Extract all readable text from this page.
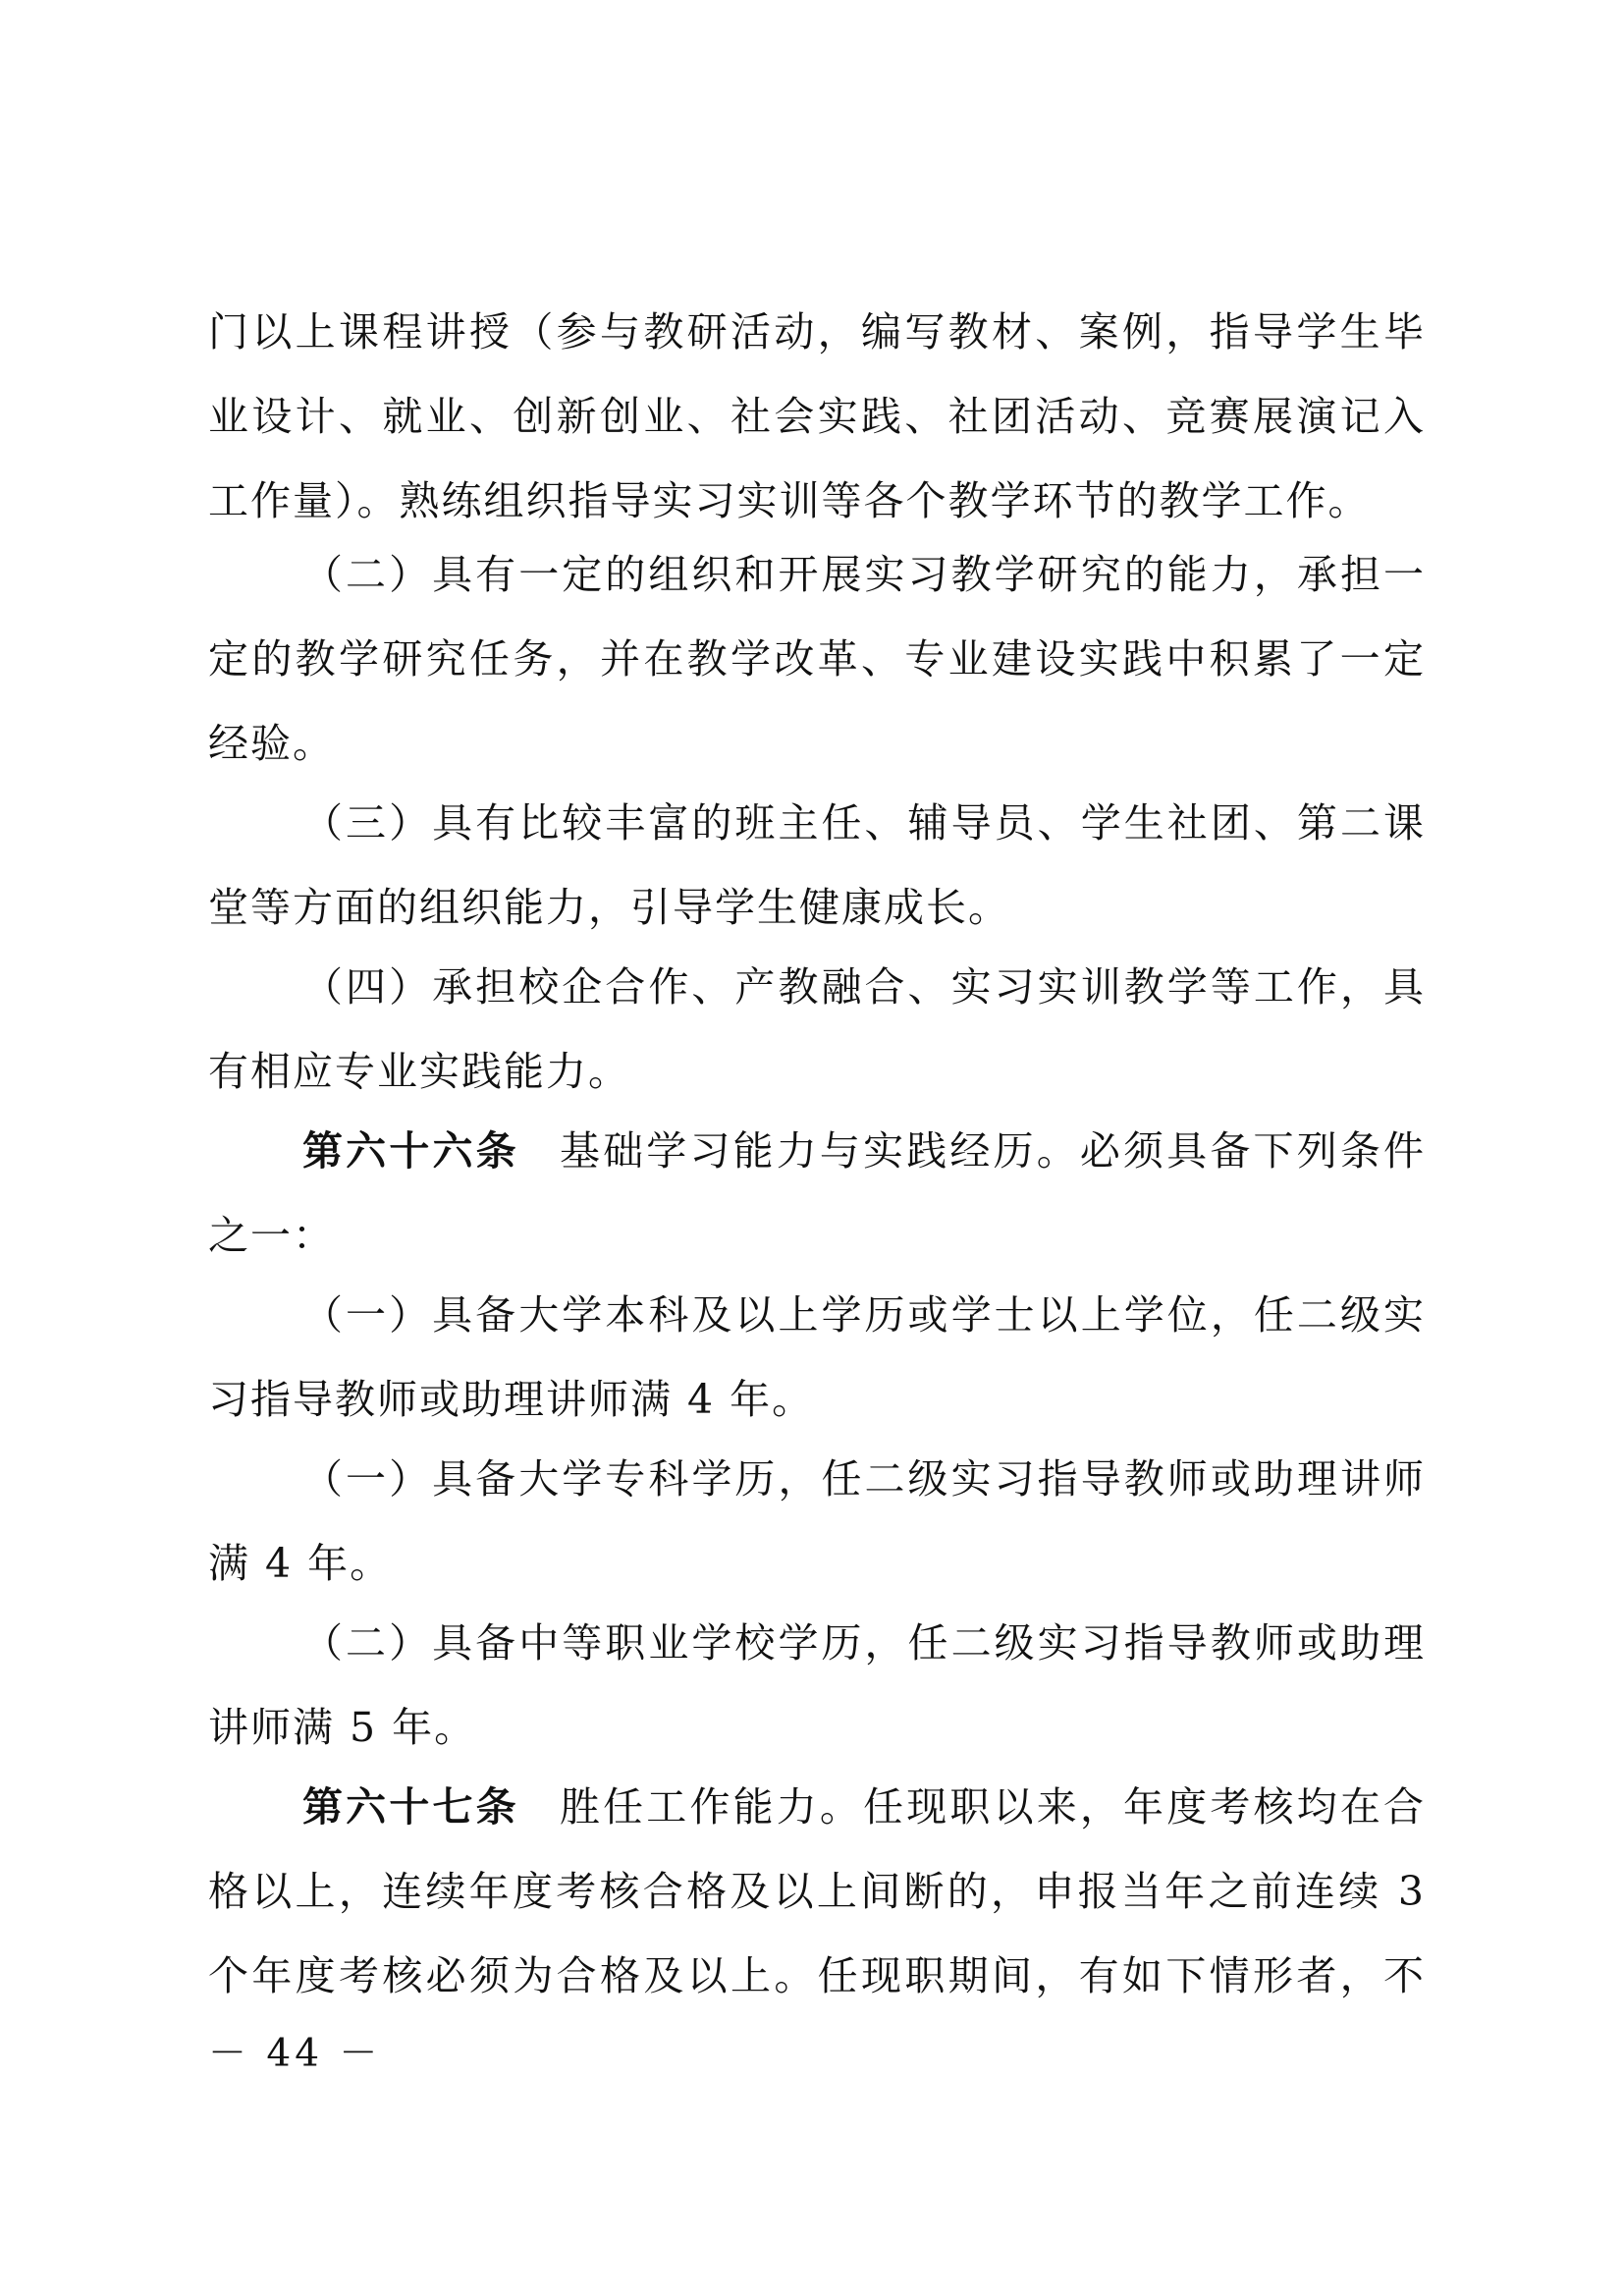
门以上课程讲授（参与教研活动，编写教材、案例，指导学生毕
业设计、就业、创新创业、社会实践、社团活动、竞赛展演记入
工作量）。熟练组织指导实习实训等各个教学环节的教学工作。
（二）具有一定的组织和开展实习教学研究的能力，承担一
定的教学研究任务，并在教学改革、专业建设实践中积累了一定
经验。
（三）具有比较丰富的班主任、辅导员、学生社团、第二课
堂等方面的组织能力，引导学生健康成长。
（四）承担校企合作、产教融合、实习实训教学等工作，具
有相应专业实践能力。
第六十六条 基础学习能力与实践经历。必须具备下列条件
之一：
（一）具备大学本科及以上学历或学士以上学位，任二级实
习指导教师或助理讲师满 4 年。
（一）具备大学专科学历，任二级实习指导教师或助理讲师
满 4 年。
（二）具备中等职业学校学历，任二级实习指导教师或助理
讲师满 5 年。
第六十七条 胜任工作能力。任现职以来，年度考核均在合
格以上，连续年度考核合格及以上间断的，申报当年之前连续 3
个年度考核必须为合格及以上。任现职期间，有如下情形者，不
－ 44 －
